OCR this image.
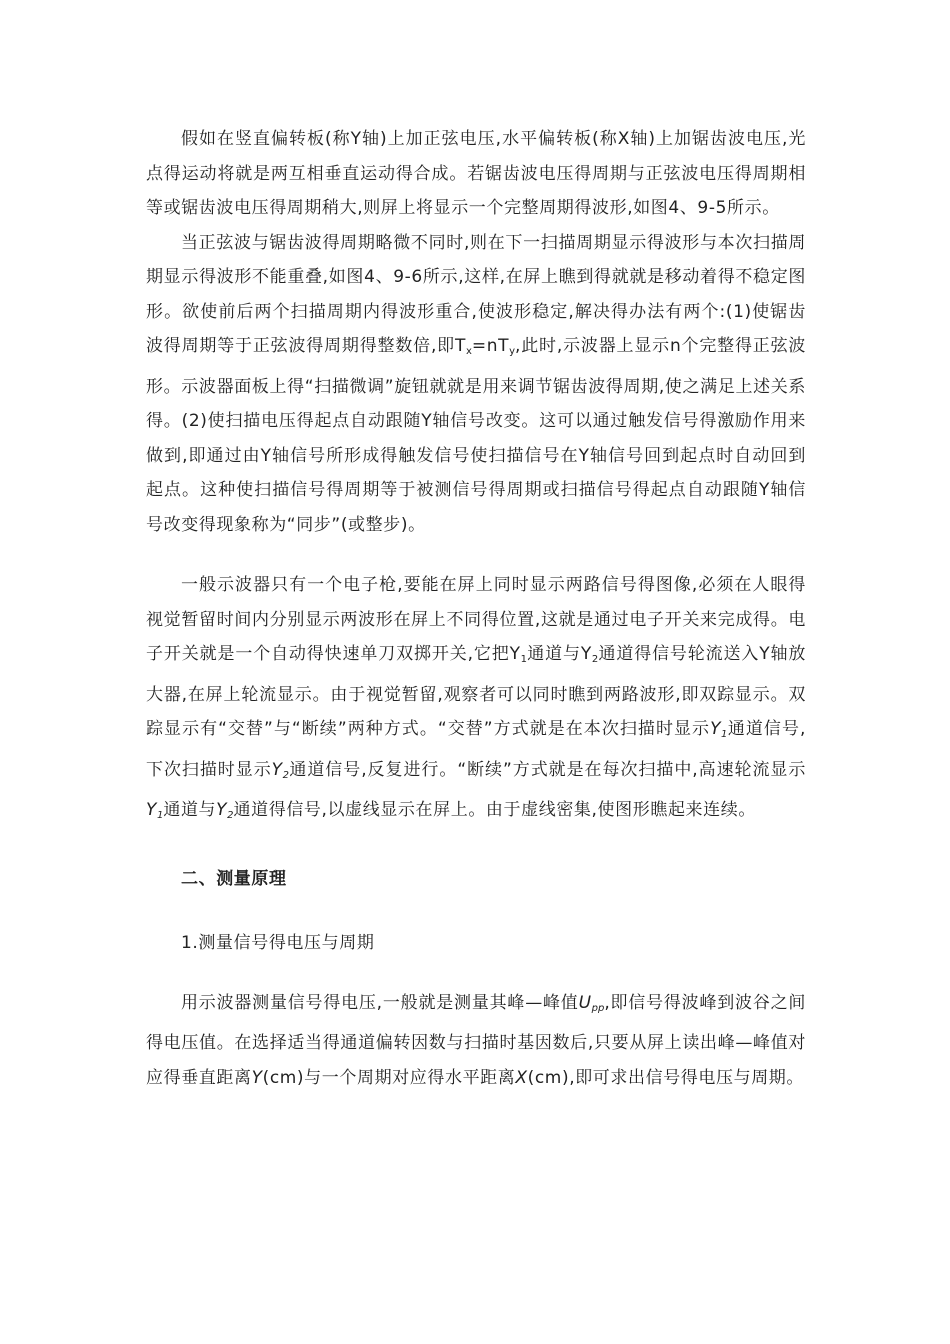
假如在竖直偏转板(称Y轴)上加正弦电压,水平偏转板(称X轴)上加锯齿波电压,光点得运动将就是两互相垂直运动得合成。若锯齿波电压得周期与正弦波电压得周期相等或锯齿波电压得周期稍大,则屏上将显示一个完整周期得波形,如图4、9-5所示。

当正弦波与锯齿波得周期略微不同时,则在下一扫描周期显示得波形与本次扫描周期显示得波形不能重叠,如图4、9-6所示,这样,在屏上瞧到得就就是移动着得不稳定图形。欲使前后两个扫描周期内得波形重合,使波形稳定,解决得办法有两个:(1)使锯齿波得周期等于正弦波得周期得整数倍,即$T_x=nT_y$,此时,示波器上显示n个完整得正弦波形。示波器面板上得“扫描微调”旋钮就就是用来调节锯齿波得周期,使之满足上述关系得。(2)使扫描电压得起点自动跟随Y轴信号改变。这可以通过触发信号得激励作用来做到,即通过由Y轴信号所形成得触发信号使扫描信号在Y轴信号回到起点时自动回到起点。这种使扫描信号得周期等于被测信号得周期或扫描信号得起点自动跟随Y轴信号改变得现象称为“同步”(或整步)。

一般示波器只有一个电子枪,要能在屏上同时显示两路信号得图像,必须在人眼得视觉暂留时间内分别显示两波形在屏上不同得位置,这就是通过电子开关来完成得。电子开关就是一个自动得快速单刀双掷开关,它把$Y_1$通道与$Y_2$通道得信号轮流送入Y轴放大器,在屏上轮流显示。由于视觉暂留,观察者可以同时瞧到两路波形,即双踪显示。双踪显示有“交替”与“断续”两种方式。“交替”方式就是在本次扫描时显示$Y_1$通道信号,下次扫描时显示$Y_2$通道信号,反复进行。“断续”方式就是在每次扫描中,高速轮流显示$Y_1$通道与$Y_2$通道得信号,以虚线显示在屏上。由于虚线密集,使图形瞧起来连续。

二、测量原理

1.测量信号得电压与周期

用示波器测量信号得电压,一般就是测量其峰—峰值$U_{pp}$,即信号得波峰到波谷之间得电压值。在选择适当得通道偏转因数与扫描时基因数后,只要从屏上读出峰—峰值对应得垂直距离Y(cm)与一个周期对应得水平距离X(cm),即可求出信号得电压与周期。
